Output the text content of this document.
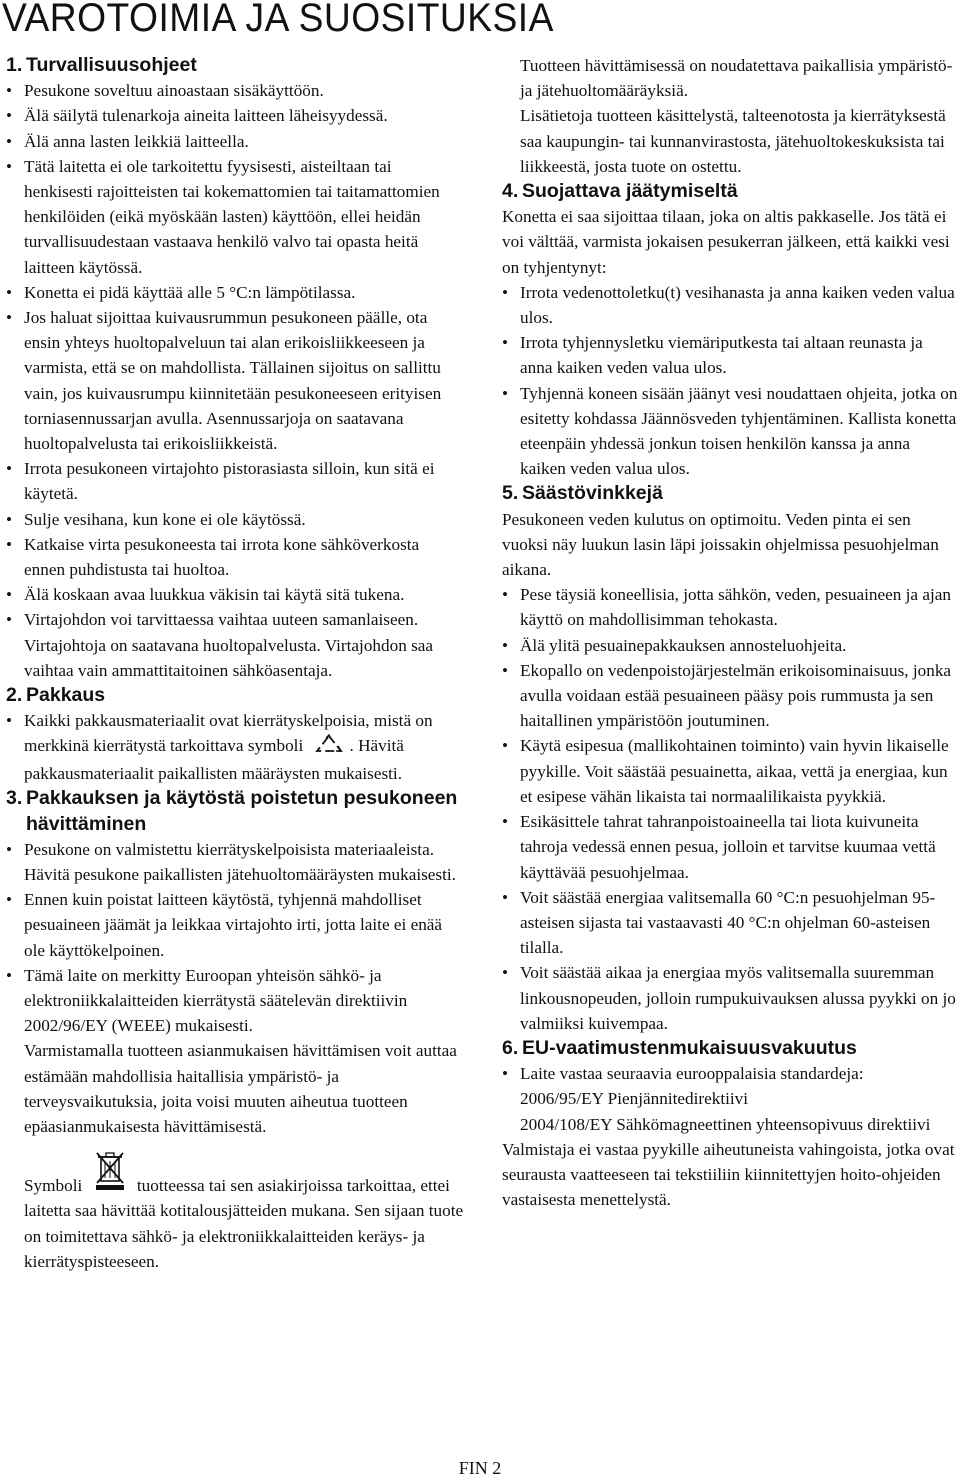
VAROTOIMIA JA SUOSITUKSIA
1. Turvallisuusohjeet
• Pesukone soveltuu ainoastaan sisäkäyttöön.
• Älä säilytä tulenarkoja aineita laitteen läheisyydessä.
• Älä anna lasten leikkiä laitteella.
• Tätä laitetta ei ole tarkoitettu fyysisesti, aisteiltaan tai henkisesti rajoitteisten tai kokemattomien tai taitamattomien henkilöiden (eikä myöskään lasten) käyttöön, ellei heidän turvallisuudestaan vastaava henkilö valvo tai opasta heitä laitteen käytössä.
• Konetta ei pidä käyttää alle 5 °C:n lämpötilassa.
• Jos haluat sijoittaa kuivausrummun pesukoneen päälle, ota ensin yhteys huoltopalveluun tai alan erikoisliikkeeseen ja varmista, että se on mahdollista. Tällainen sijoitus on sallittu vain, jos kuivausrumpu kiinnitetään pesukoneeseen erityisen torniasennussarjan avulla. Asennussarjoja on saatavana huoltopalvelusta tai erikoisliikkeistä.
• Irrota pesukoneen virtajohto pistorasiasta silloin, kun sitä ei käytetä.
• Sulje vesihana, kun kone ei ole käytössä.
• Katkaise virta pesukoneesta tai irrota kone sähköverkosta ennen puhdistusta tai huoltoa.
• Älä koskaan avaa luukkua väkisin tai käytä sitä tukena.
• Virtajohdon voi tarvittaessa vaihtaa uuteen samanlaiseen. Virtajohtoja on saatavana huoltopalvelusta. Virtajohdon saa vaihtaa vain ammattitaitoinen sähköasentaja.
2. Pakkaus
• Kaikki pakkausmateriaalit ovat kierrätyskelpoisia, mistä on merkkinä kierrätystä tarkoittava symboli	. Hävitä pakkausmateriaalit paikallisten määräysten mukaisesti.
3. Pakkauksen ja käytöstä poistetun pesukoneen hävittäminen
• Pesukone on valmistettu kierrätyskelpoisista materiaaleista. Hävitä pesukone paikallisten jätehuoltomääräysten mukaisesti.
• Ennen kuin poistat laitteen käytöstä, tyhjennä mahdolliset pesuaineen jäämät ja leikkaa virtajohto irti, jotta laite ei enää ole käyttökelpoinen.
• Tämä laite on merkitty Euroopan yhteisön sähkö- ja elektroniikkalaitteiden kierrätystä säätelevän direktiivin 2002/96/EY (WEEE) mukaisesti.

Varmistamalla tuotteen asianmukaisen hävittämisen voit auttaa estämään mahdollisia haitallisia ympäristö- ja terveysvaikutuksia, joita voisi muuten aiheutua tuotteen epäasianmukaisesta hävittämisestä.

Symboli	tuotteessa tai sen asiakirjoissa tarkoittaa, ettei laitetta saa hävittää kotitalousjätteiden mukana. Sen sijaan tuote on toimitettava sähkö- ja elektroniikkalaitteiden keräys- ja kierrätyspisteeseen.

Tuotteen hävittämisessä on noudatettava paikallisia ympäristö- ja jätehuoltomääräyksiä.

Lisätietoja tuotteen käsittelystä, talteenotosta ja kierrätyksestä saa kaupungin- tai kunnanvirastosta, jätehuoltokeskuksista tai liikkeestä, josta tuote on ostettu.

4. Suojattava jäätymiseltä

Konetta ei saa sijoittaa tilaan, joka on altis pakkaselle. Jos tätä ei voi välttää, varmista jokaisen pesukerran jälkeen, että kaikki vesi on tyhjentynyt:

• Irrota vedenottoletku(t) vesihanasta ja anna kaiken veden valua ulos.
• Irrota tyhjennysletku viemäriputkesta tai altaan reunasta ja anna kaiken veden valua ulos.
• Tyhjennä koneen sisään jäänyt vesi noudattaen ohjeita, jotka on esitetty kohdassa Jäännösveden tyhjentäminen. Kallista konetta eteenpäin yhdessä jonkun toisen henkilön kanssa ja anna kaiken veden valua ulos.
5. Säästövinkkejä

Pesukoneen veden kulutus on optimoitu. Veden pinta ei sen vuoksi näy luukun lasin läpi joissakin ohjelmissa pesuohjelman aikana.

• Pese täysiä koneellisia, jotta sähkön, veden, pesuaineen ja ajan käyttö on mahdollisimman tehokasta.
• Älä ylitä pesuainepakkauksen annosteluohjeita.
• Ekopallo on vedenpoistojärjestelmän erikoisominaisuus, jonka avulla voidaan estää pesuaineen pääsy pois rummusta ja sen haitallinen ympäristöön joutuminen.
• Käytä esipesua (mallikohtainen toiminto) vain hyvin likaiselle pyykille. Voit säästää pesuainetta, aikaa, vettä ja energiaa, kun et esipese vähän likaista tai normaalilikaista pyykkiä.
• Esikäsittele tahrat tahranpoistoaineella tai liota kuivuneita tahroja vedessä ennen pesua, jolloin et tarvitse kuumaa vettä käyttävää pesuohjelmaa.
• Voit säästää energiaa valitsemalla 60 °C:n pesuohjelman 95-asteisen sijasta tai vastaavasti 40 °C:n ohjelman 60-asteisen tilalla.
• Voit säästää aikaa ja energiaa myös valitsemalla suuremman linkousnopeuden, jolloin rumpukuivauksen alussa pyykki on jo valmiiksi kuivempaa.
6. EU-vaatimustenmukaisuusvakuutus
• Laite vastaa seuraavia eurooppalaisia standardeja:
2006/95/EY Pienjännitedirektiivi
2004/108/EY Sähkömagneettinen yhteensopivuus direktiivi

Valmistaja ei vastaa pyykille aiheutuneista vahingoista, jotka ovat seurausta vaatteeseen tai tekstiiliin kiinnitettyjen hoito-ohjeiden vastaisesta menettelystä.

FIN 2
